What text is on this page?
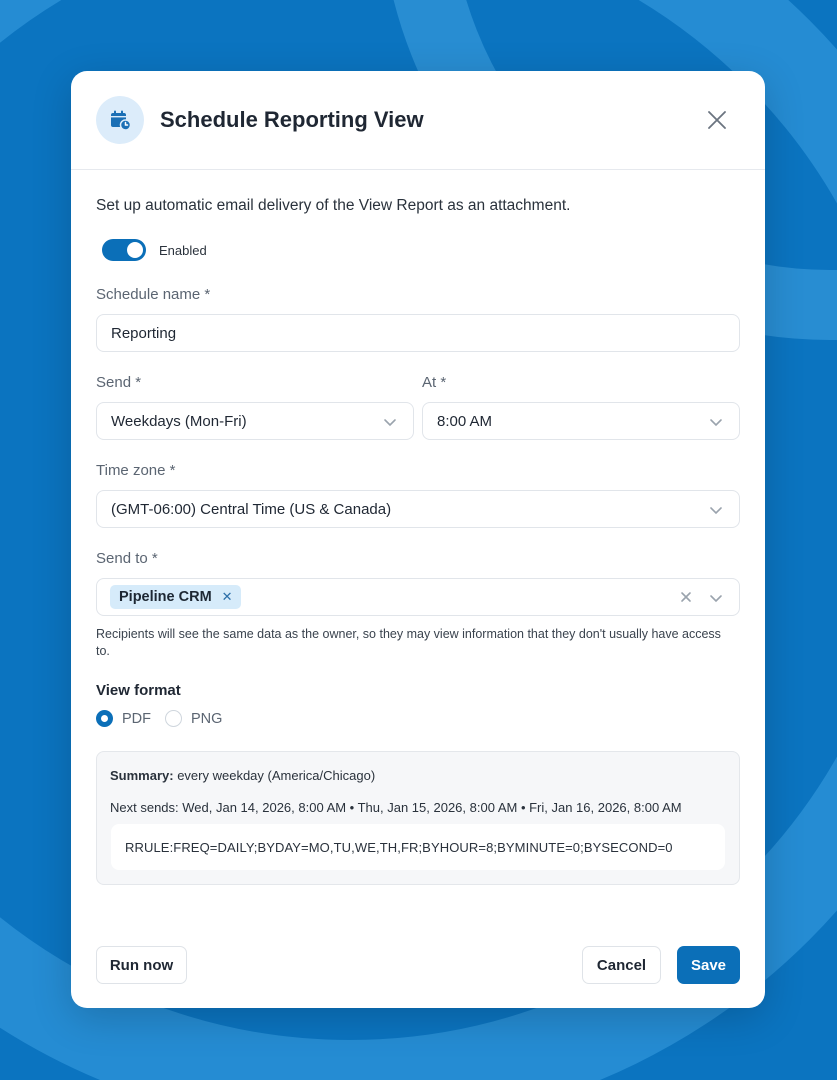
Schedule Reporting View
Set up automatic email delivery of the View Report as an attachment.
Enabled
Schedule name *
Reporting
Send *
Weekdays (Mon-Fri)
At *
8:00 AM
Time zone *
(GMT-06:00) Central Time (US & Canada)
Send to *
Pipeline CRM ✕
Recipients will see the same data as the owner, so they may view information that they don't usually have access to.
View format
PDF	PNG
Summary: every weekday (America/Chicago)
Next sends: Wed, Jan 14, 2026, 8:00 AM • Thu, Jan 15, 2026, 8:00 AM • Fri, Jan 16, 2026, 8:00 AM
RRULE:FREQ=DAILY;BYDAY=MO,TU,WE,TH,FR;BYHOUR=8;BYMINUTE=0;BYSECOND=0
Run now	Cancel	Save
